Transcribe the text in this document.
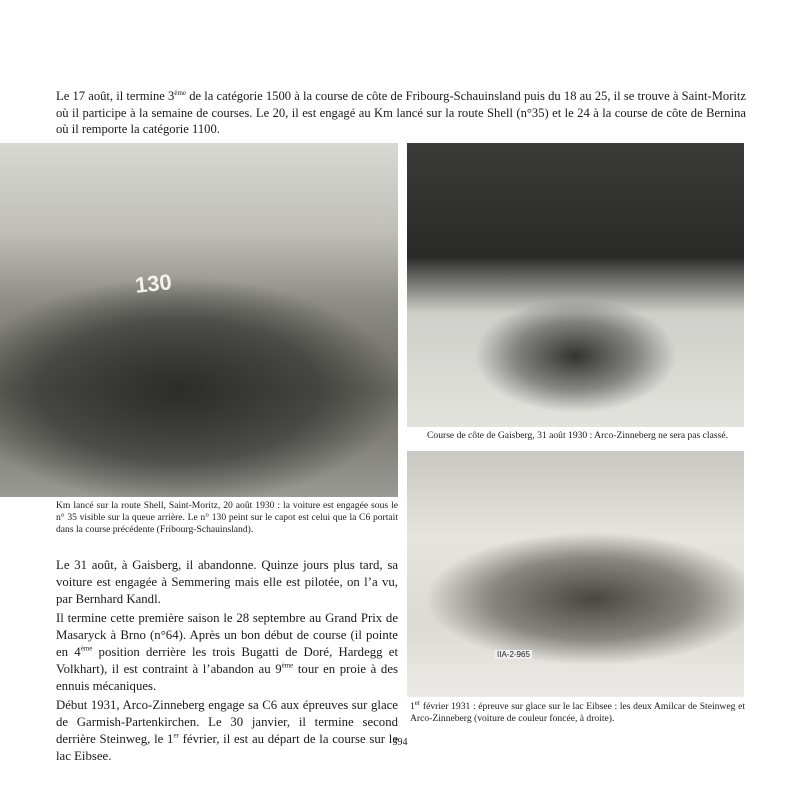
Le 17 août, il termine 3ème de la catégorie 1500 à la course de côte de Fribourg-Schauinsland puis du 18 au 25, il se trouve à Saint-Moritz où il participe à la semaine de courses. Le 20, il est engagé au Km lancé sur la route Shell (n°35) et le 24 à la course de côte de Bernina où il remporte la catégorie 1100.
130
Km lancé sur la route Shell, Saint-Moritz, 20 août 1930 : la voiture est engagée sous le n° 35 visible sur la queue arrière. Le n° 130 peint sur le capot est celui que la C6 portait dans la course précédente (Fribourg-Schauinsland).
Course de côte de Gaisberg, 31 août 1930 : Arco-Zinneberg ne sera pas classé.
IIA-2-965
1er février 1931 : épreuve sur glace sur le lac Eibsee : les deux Amilcar de Steinweg et Arco-Zinneberg (voiture de couleur foncée, à droite).

Le 31 août, à Gaisberg, il abandonne. Quinze jours plus tard, sa voiture est engagée à Semmering mais elle est pilotée, on l’a vu, par Bernhard Kandl.

Il termine cette première saison le 28 septembre au Grand Prix de Masaryck à Brno (n°64). Après un bon début de course (il pointe en 4ème position derrière les trois Bugatti de Doré, Hardegg et Volkhart), il est contraint à l’abandon au 9ème tour en proie à des ennuis mécaniques.

Début 1931, Arco-Zinneberg engage sa C6 aux épreuves sur glace de Garmish-Partenkirchen. Le 30 janvier, il termine second derrière Steinweg, le 1er février, il est au départ de la course sur le lac Eibsee.

394
